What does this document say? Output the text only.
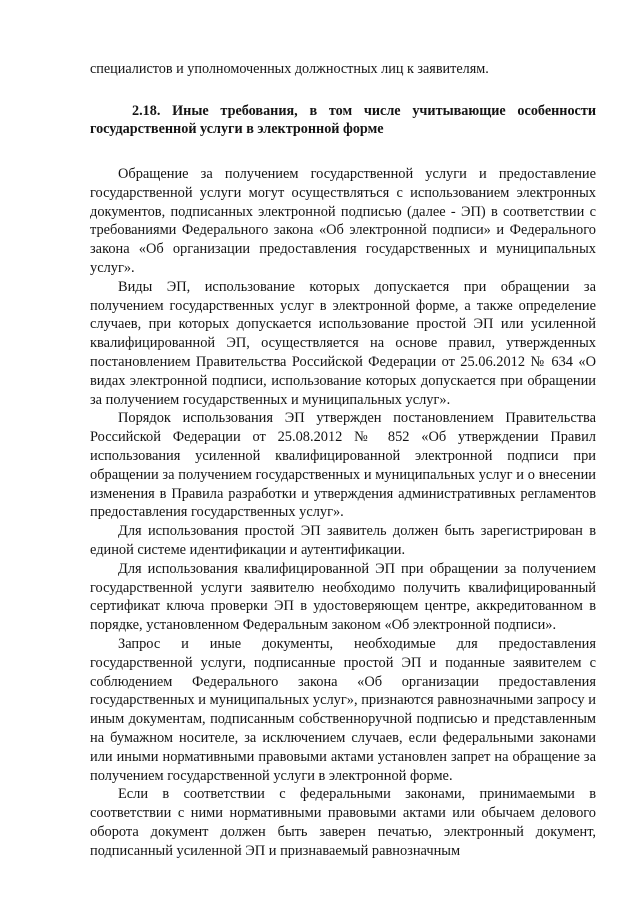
специалистов и уполномоченных должностных лиц к заявителям.
2.18. Иные требования, в том числе учитывающие особенности государственной услуги в электронной форме

Обращение за получением государственной услуги и предоставление государственной услуги могут осуществляться с использованием электронных документов, подписанных электронной подписью (далее - ЭП) в соответствии с требованиями Федерального закона «Об электронной подписи» и Федерального закона «Об организации предоставления государственных и муниципальных услуг».

Виды ЭП, использование которых допускается при обращении за получением государственных услуг в электронной форме, а также определение случаев, при которых допускается использование простой ЭП или усиленной квалифицированной ЭП, осуществляется на основе правил, утвержденных постановлением Правительства Российской Федерации от 25.06.2012 № 634 «О видах электронной подписи, использование которых допускается при обращении за получением государственных и муниципальных услуг».

Порядок использования ЭП утвержден постановлением Правительства Российской Федерации от 25.08.2012 № 852 «Об утверждении Правил использования усиленной квалифицированной электронной подписи при обращении за получением государственных и муниципальных услуг и о внесении изменения в Правила разработки и утверждения административных регламентов предоставления государственных услуг».

Для использования простой ЭП заявитель должен быть зарегистрирован в единой системе идентификации и аутентификации.

Для использования квалифицированной ЭП при обращении за получением государственной услуги заявителю необходимо получить квалифицированный сертификат ключа проверки ЭП в удостоверяющем центре, аккредитованном в порядке, установленном Федеральным законом «Об электронной подписи».

Запрос и иные документы, необходимые для предоставления государственной услуги, подписанные простой ЭП и поданные заявителем с соблюдением Федерального закона «Об организации предоставления государственных и муниципальных услуг», признаются равнозначными запросу и иным документам, подписанным собственноручной подписью и представленным на бумажном носителе, за исключением случаев, если федеральными законами или иными нормативными правовыми актами установлен запрет на обращение за получением государственной услуги в электронной форме.

Если в соответствии с федеральными законами, принимаемыми в соответствии с ними нормативными правовыми актами или обычаем делового оборота документ должен быть заверен печатью, электронный документ, подписанный усиленной ЭП и признаваемый равнозначным
